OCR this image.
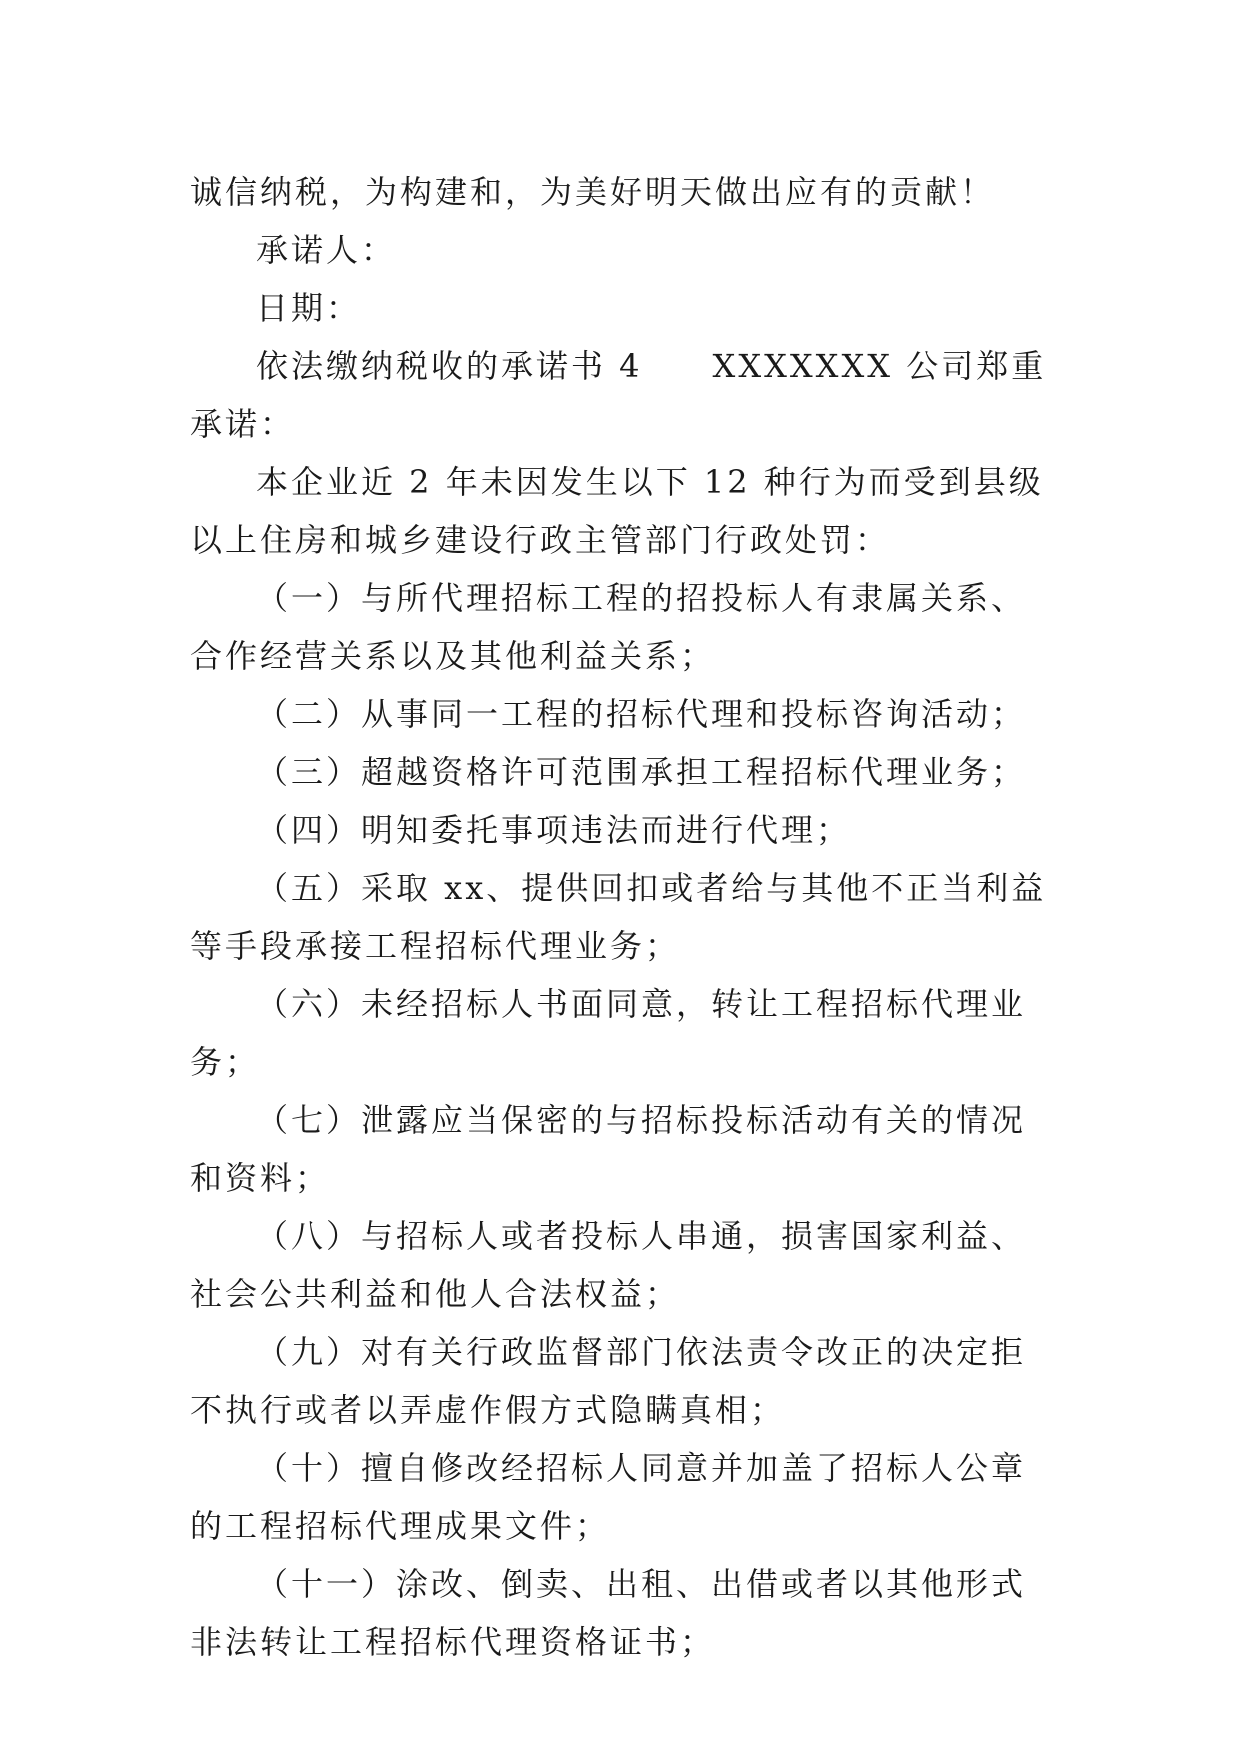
诚信纳税，为构建和，为美好明天做出应有的贡献！

承诺人：

日期：

依法缴纳税收的承诺书 4 XXXXXXX 公司郑重承诺：

本企业近 2 年未因发生以下 12 种行为而受到县级以上住房和城乡建设行政主管部门行政处罚：

（一）与所代理招标工程的招投标人有隶属关系、合作经营关系以及其他利益关系；

（二）从事同一工程的招标代理和投标咨询活动；

（三）超越资格许可范围承担工程招标代理业务；

（四）明知委托事项违法而进行代理；

（五）采取 xx、提供回扣或者给与其他不正当利益等手段承接工程招标代理业务；

（六）未经招标人书面同意，转让工程招标代理业务；

（七）泄露应当保密的与招标投标活动有关的情况和资料；

（八）与招标人或者投标人串通，损害国家利益、社会公共利益和他人合法权益；

（九）对有关行政监督部门依法责令改正的决定拒不执行或者以弄虚作假方式隐瞒真相；

（十）擅自修改经招标人同意并加盖了招标人公章的工程招标代理成果文件；

（十一）涂改、倒卖、出租、出借或者以其他形式非法转让工程招标代理资格证书；
